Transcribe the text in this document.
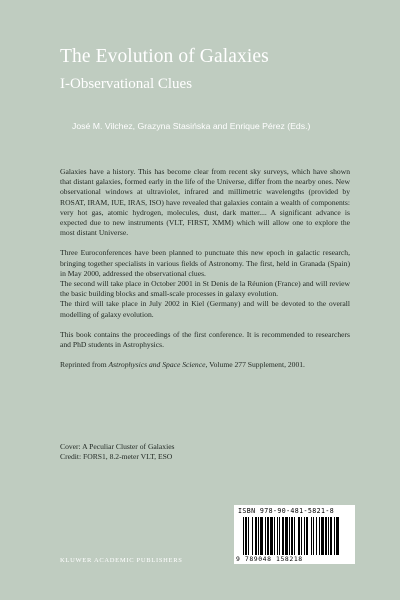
The Evolution of Galaxies
I-Observational Clues
José M. Vilchez, Grazyna Stasińska and Enrique Pérez (Eds.)

Galaxies have a history. This has become clear from recent sky surveys, which have shown that distant galaxies, formed early in the life of the Universe, differ from the nearby ones. New observational windows at ultraviolet, infrared and millimetric wavelengths (provided by ROSAT, IRAM, IUE, IRAS, ISO) have revealed that galaxies contain a wealth of components: very hot gas, atomic hydrogen, molecules, dust, dark matter.... A significant advance is expected due to new instruments (VLT, FIRST, XMM) which will allow one to explore the most distant Universe.

Three Euroconferences have been planned to punctuate this new epoch in galactic research, bringing together specialists in various fields of Astronomy. The first, held in Granada (Spain) in May 2000, addressed the observational clues.

The second will take place in October 2001 in St Denis de la Réunion (France) and will review the basic building blocks and small-scale processes in galaxy evolution.

The third will take place in July 2002 in Kiel (Germany) and will be devoted to the overall modelling of galaxy evolution.

This book contains the proceedings of the first conference. It is recommended to researchers and PhD students in Astrophysics.

Reprinted from Astrophysics and Space Science, Volume 277 Supplement, 2001.

Cover: A Peculiar Cluster of Galaxies
Credit: FORS1, 8.2-meter VLT, ESO
ISBN 978-90-481-5821-8
9 789048 158218
KLUWER ACADEMIC PUBLISHERS
